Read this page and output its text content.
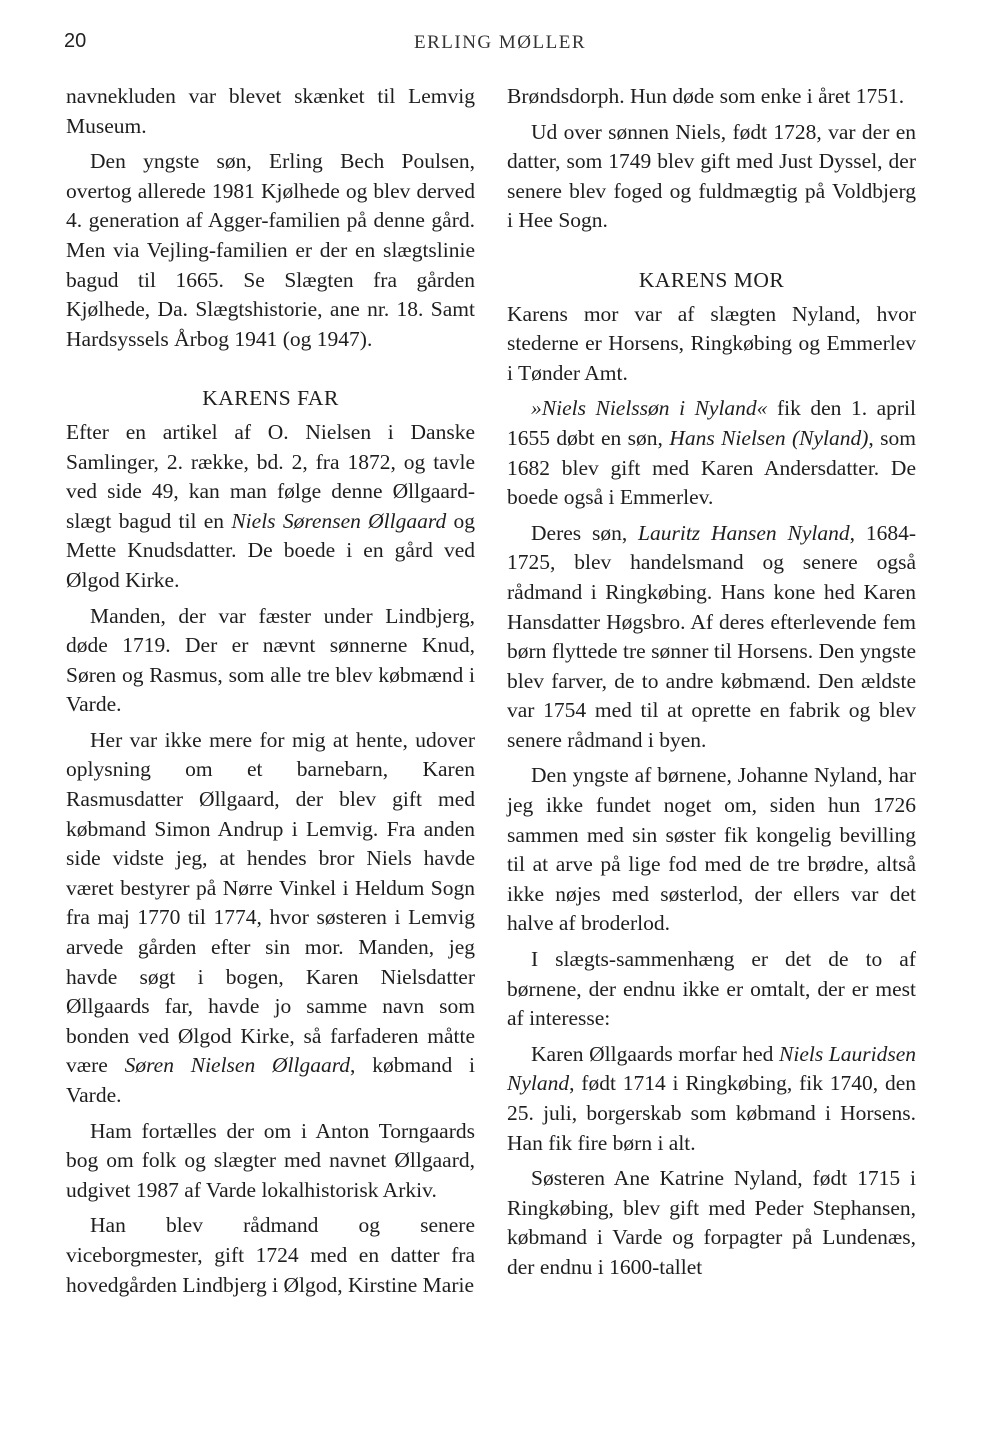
20	ERLING MØLLER

navnekluden var blevet skænket til Lemvig Museum.

Den yngste søn, Erling Bech Poulsen, overtog allerede 1981 Kjølhede og blev derved 4. generation af Agger-familien på denne gård. Men via Vejling-familien er der en slægtslinie bagud til 1665. Se Slægten fra gården Kjølhede, Da. Slægtshistorie, ane nr. 18. Samt Hardsyssels Årbog 1941 (og 1947).

KARENS FAR

Efter en artikel af O. Nielsen i Danske Samlinger, 2. række, bd. 2, fra 1872, og tavle ved side 49, kan man følge denne Øllgaard-slægt bagud til en Niels Sørensen Øllgaard og Mette Knudsdatter. De boede i en gård ved Ølgod Kirke.

Manden, der var fæster under Lindbjerg, døde 1719. Der er nævnt sønnerne Knud, Søren og Rasmus, som alle tre blev købmænd i Varde.

Her var ikke mere for mig at hente, udover oplysning om et barnebarn, Karen Rasmusdatter Øllgaard, der blev gift med købmand Simon Andrup i Lemvig. Fra anden side vidste jeg, at hendes bror Niels havde været bestyrer på Nørre Vinkel i Heldum Sogn fra maj 1770 til 1774, hvor søsteren i Lemvig arvede gården efter sin mor. Manden, jeg havde søgt i bogen, Karen Nielsdatter Øllgaards far, havde jo samme navn som bonden ved Ølgod Kirke, så farfaderen måtte være Søren Nielsen Øllgaard, købmand i Varde.

Ham fortælles der om i Anton Torngaards bog om folk og slægter med navnet Øllgaard, udgivet 1987 af Varde lokalhistorisk Arkiv.

Han blev rådmand og senere viceborgmester, gift 1724 med en datter fra hovedgården Lindbjerg i Ølgod, Kirstine Marie

Brøndsdorph. Hun døde som enke i året 1751.

Ud over sønnen Niels, født 1728, var der en datter, som 1749 blev gift med Just Dyssel, der senere blev foged og fuldmægtig på Voldbjerg i Hee Sogn.

KARENS MOR

Karens mor var af slægten Nyland, hvor stederne er Horsens, Ringkøbing og Emmerlev i Tønder Amt.

»Niels Nielssøn i Nyland« fik den 1. april 1655 døbt en søn, Hans Nielsen (Nyland), som 1682 blev gift med Karen Andersdatter. De boede også i Emmerlev.

Deres søn, Lauritz Hansen Nyland, 1684-1725, blev handelsmand og senere også rådmand i Ringkøbing. Hans kone hed Karen Hansdatter Høgsbro. Af deres efterlevende fem børn flyttede tre sønner til Horsens. Den yngste blev farver, de to andre købmænd. Den ældste var 1754 med til at oprette en fabrik og blev senere rådmand i byen.

Den yngste af børnene, Johanne Nyland, har jeg ikke fundet noget om, siden hun 1726 sammen med sin søster fik kongelig bevilling til at arve på lige fod med de tre brødre, altså ikke nøjes med søsterlod, der ellers var det halve af broderlod.

I slægts-sammenhæng er det de to af børnene, der endnu ikke er omtalt, der er mest af interesse:

Karen Øllgaards morfar hed Niels Lauridsen Nyland, født 1714 i Ringkøbing, fik 1740, den 25. juli, borgerskab som købmand i Horsens. Han fik fire børn i alt.

Søsteren Ane Katrine Nyland, født 1715 i Ringkøbing, blev gift med Peder Stephansen, købmand i Varde og forpagter på Lundenæs, der endnu i 1600-tallet
